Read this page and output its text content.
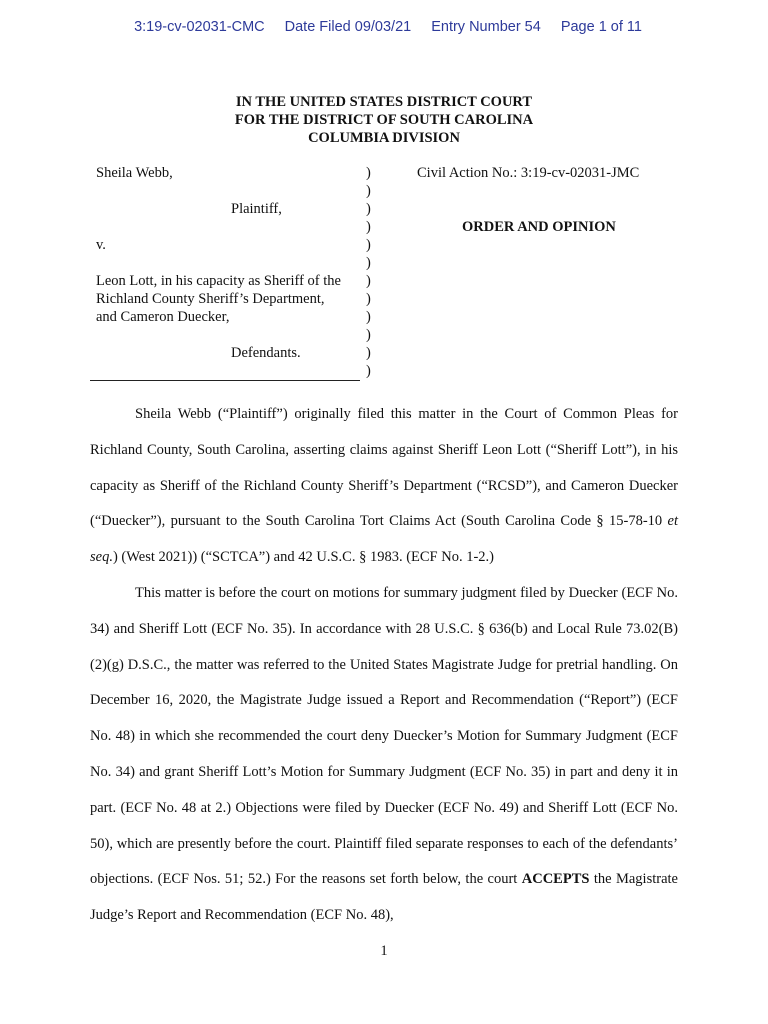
3:19-cv-02031-CMC Date Filed 09/03/21 Entry Number 54 Page 1 of 11

IN THE UNITED STATES DISTRICT COURT
FOR THE DISTRICT OF SOUTH CAROLINA
COLUMBIA DIVISION
Sheila Webb,
Plaintiff,
v.
Leon Lott, in his capacity as Sheriff of the
Richland County Sheriff’s Department,
and Cameron Duecker,
Defendants.
)
)
)
)
)
)
)
)
)
)
)
)
Civil Action No.: 3:19-cv-02031-JMC
ORDER AND OPINION

Sheila Webb (“Plaintiff”) originally filed this matter in the Court of Common Pleas for Richland County, South Carolina, asserting claims against Sheriff Leon Lott (“Sheriff Lott”), in his capacity as Sheriff of the Richland County Sheriff’s Department (“RCSD”), and Cameron Duecker (“Duecker”), pursuant to the South Carolina Tort Claims Act (South Carolina Code § 15-78-10 et seq.) (West 2021)) (“SCTCA”) and 42 U.S.C. § 1983. (ECF No. 1-2.)

This matter is before the court on motions for summary judgment filed by Duecker (ECF No. 34) and Sheriff Lott (ECF No. 35). In accordance with 28 U.S.C. § 636(b) and Local Rule 73.02(B)(2)(g) D.S.C., the matter was referred to the United States Magistrate Judge for pretrial handling. On December 16, 2020, the Magistrate Judge issued a Report and Recommendation (“Report”) (ECF No. 48) in which she recommended the court deny Duecker’s Motion for Summary Judgment (ECF No. 34) and grant Sheriff Lott’s Motion for Summary Judgment (ECF No. 35) in part and deny it in part. (ECF No. 48 at 2.) Objections were filed by Duecker (ECF No. 49) and Sheriff Lott (ECF No. 50), which are presently before the court. Plaintiff filed separate responses to each of the defendants’ objections. (ECF Nos. 51; 52.) For the reasons set forth below, the court ACCEPTS the Magistrate Judge’s Report and Recommendation (ECF No. 48),

1
